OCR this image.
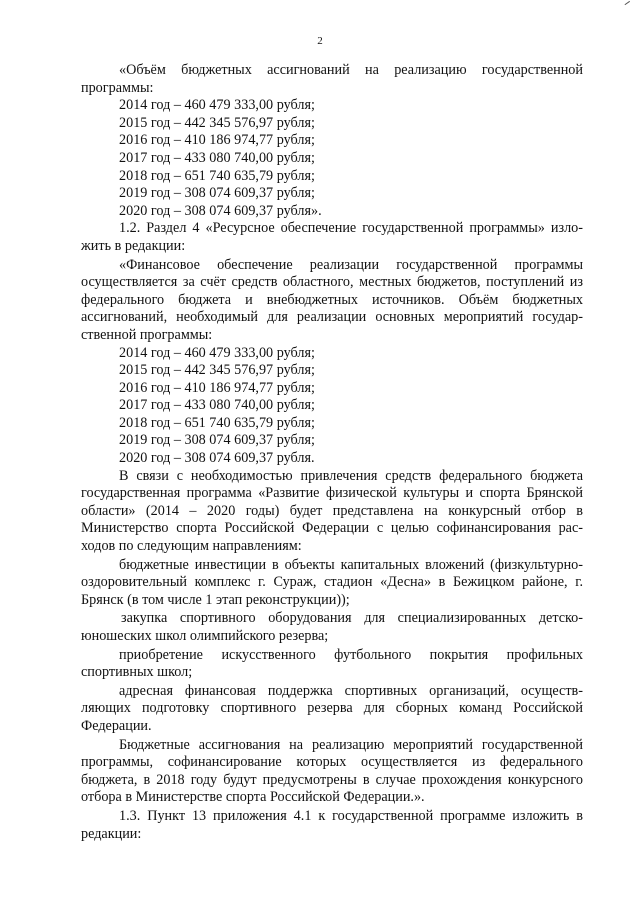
2

«Объём бюджетных ассигнований на реализацию государственной программы:

2014 год – 460 479 333,00 рубля;
2015 год – 442 345 576,97 рубля;
2016 год – 410 186 974,77 рубля;
2017 год – 433 080 740,00 рубля;
2018 год – 651 740 635,79 рубля;
2019 год – 308 074 609,37 рубля;
2020 год – 308 074 609,37 рубля».

1.2. Раздел 4 «Ресурсное обеспечение государственной программы» изложить в редакции:

«Финансовое обеспечение реализации государственной программы осуществляется за счёт средств областного, местных бюджетов, поступлений из федерального бюджета и внебюджетных источников. Объём бюджетных ассигнований, необходимый для реализации основных мероприятий государственной программы:

2014 год – 460 479 333,00 рубля;
2015 год – 442 345 576,97 рубля;
2016 год – 410 186 974,77 рубля;
2017 год – 433 080 740,00 рубля;
2018 год – 651 740 635,79 рубля;
2019 год – 308 074 609,37 рубля;
2020 год – 308 074 609,37 рубля.

В связи с необходимостью привлечения средств федерального бюджета государственная программа «Развитие физической культуры и спорта Брянской области» (2014 – 2020 годы) будет представлена на конкурсный отбор в Министерство спорта Российской Федерации с целью софинансирования расходов по следующим направлениям:

бюджетные инвестиции в объекты капитальных вложений (физкультурно-оздоровительный комплекс г. Сураж, стадион «Десна» в Бежицком районе, г. Брянск (в том числе 1 этап реконструкции));

закупка спортивного оборудования для специализированных детско-юношеских школ олимпийского резерва;

приобретение искусственного футбольного покрытия профильных спортивных школ;

адресная финансовая поддержка спортивных организаций, осуществляющих подготовку спортивного резерва для сборных команд Российской Федерации.

Бюджетные ассигнования на реализацию мероприятий государственной программы, софинансирование которых осуществляется из федерального бюджета, в 2018 году будут предусмотрены в случае прохождения конкурсного отбора в Министерстве спорта Российской Федерации.».

1.3. Пункт 13 приложения 4.1 к государственной программе изложить в редакции:
